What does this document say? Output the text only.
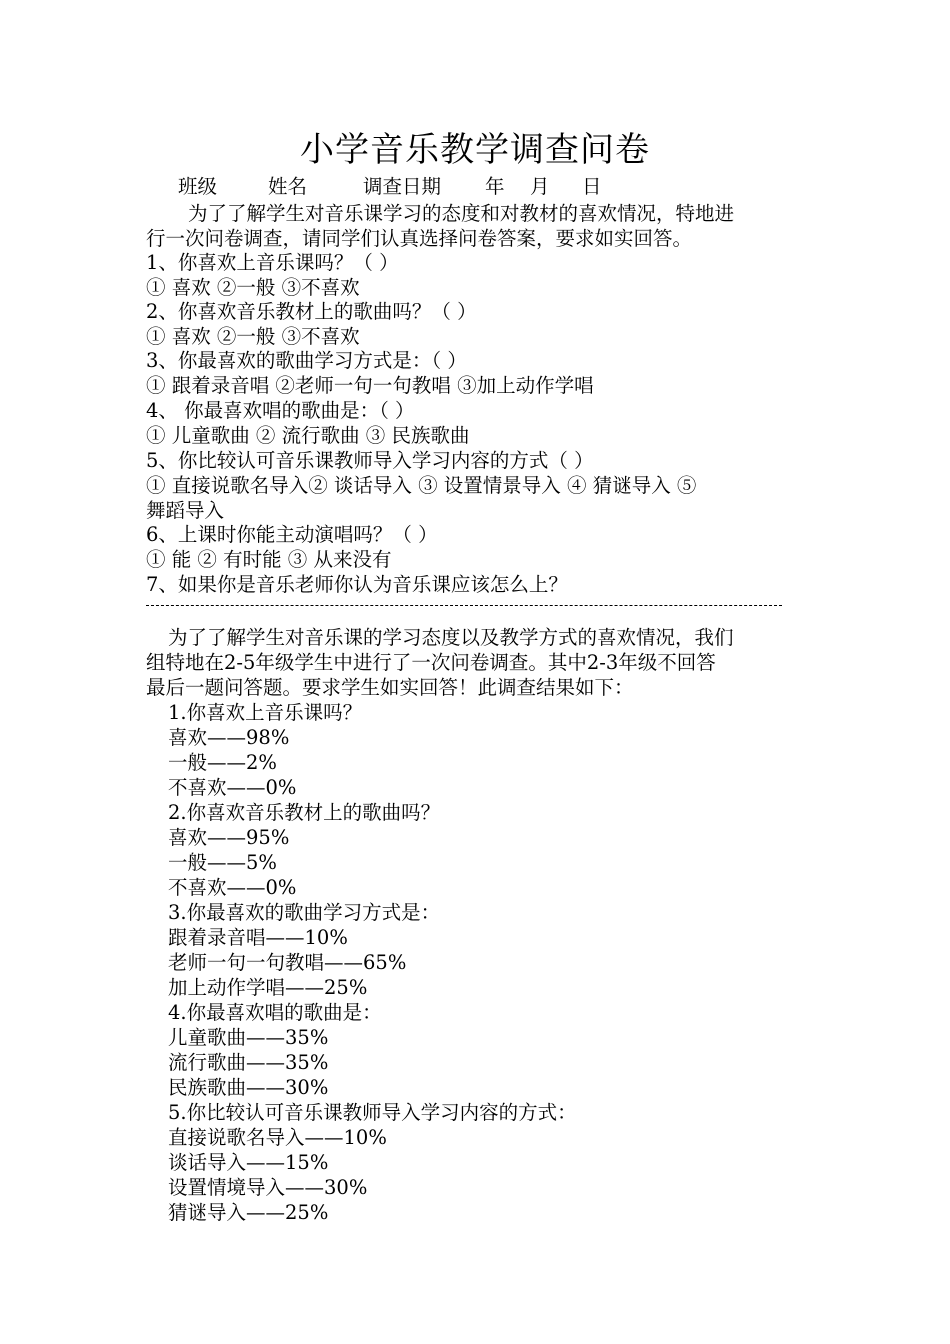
小学音乐教学调查问卷
班级	姓名	调查日期 年 月 日
为了了解学生对音乐课学习的态度和对教材的喜欢情况，特地进
行一次问卷调查，请同学们认真选择问卷答案，要求如实回答。
1、你喜欢上音乐课吗？（ ）
① 喜欢 ②一般 ③不喜欢
2、你喜欢音乐教材上的歌曲吗？（ ）
① 喜欢 ②一般 ③不喜欢
3、你最喜欢的歌曲学习方式是：（ ）
① 跟着录音唱 ②老师一句一句教唱 ③加上动作学唱
4、 你最喜欢唱的歌曲是：（ ）
① 儿童歌曲 ② 流行歌曲 ③ 民族歌曲
5、你比较认可音乐课教师导入学习内容的方式（ ）
① 直接说歌名导入② 谈话导入 ③ 设置情景导入 ④ 猜谜导入 ⑤
舞蹈导入
6、上课时你能主动演唱吗？（ ）
① 能 ② 有时能 ③ 从来没有
7、如果你是音乐老师你认为音乐课应该怎么上？
为了了解学生对音乐课的学习态度以及教学方式的喜欢情况，我们
组特地在2-5年级学生中进行了一次问卷调查。其中2-3年级不回答
最后一题问答题。要求学生如实回答！此调查结果如下：
1.你喜欢上音乐课吗？
喜欢——98%
一般——2%
不喜欢——0%
2.你喜欢音乐教材上的歌曲吗？
喜欢——95%
一般——5%
不喜欢——0%
3.你最喜欢的歌曲学习方式是：
跟着录音唱——10%
老师一句一句教唱——65%
加上动作学唱——25%
4.你最喜欢唱的歌曲是：
儿童歌曲——35%
流行歌曲——35%
民族歌曲——30%
5.你比较认可音乐课教师导入学习内容的方式：
直接说歌名导入——10%
谈话导入——15%
设置情境导入——30%
猜谜导入——25%
